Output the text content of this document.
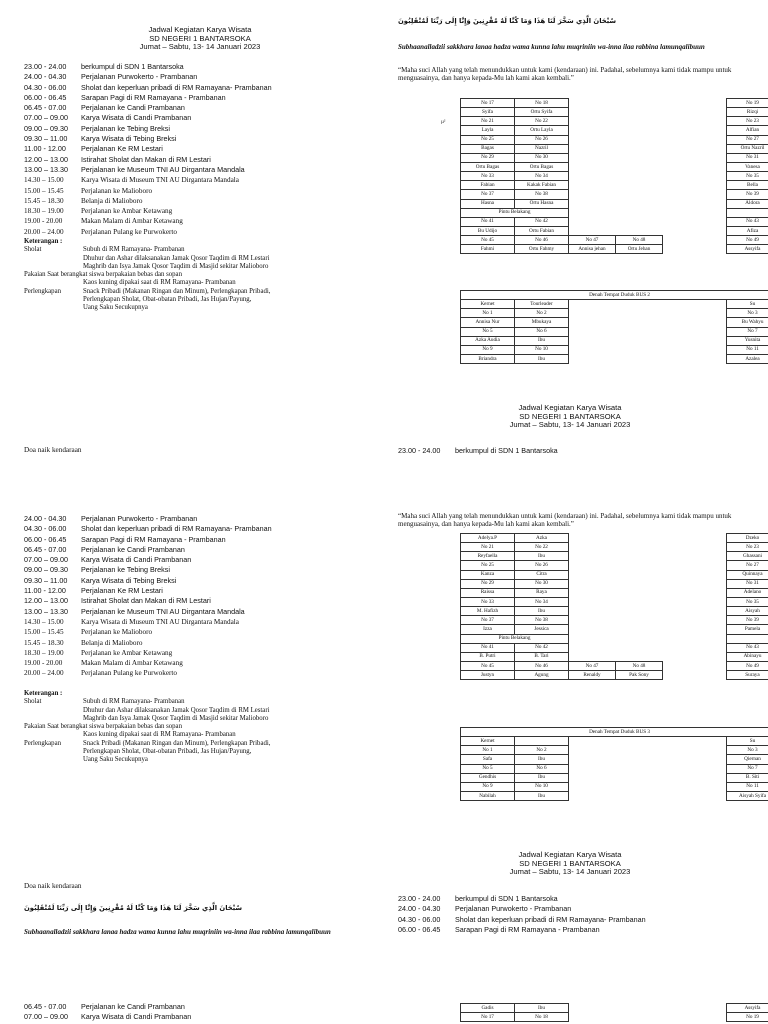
Jadwal Kegiatan Karya Wisata
SD NEGERI 1 BANTARSOKA
Jumat – Sabtu, 13- 14 Januari 2023
23.00 - 24.00	berkumpul di SDN 1 Bantarsoka
24.00 - 04.30	Perjalanan Purwokerto - Prambanan
04.30 - 06.00	Sholat dan keperluan pribadi di RM Ramayana- Prambanan
06.00 - 06.45	Sarapan Pagi di RM Ramayana - Prambanan
06.45 - 07.00	Perjalanan ke Candi Prambanan
07.00 – 09.00	Karya Wisata di Candi Prambanan
09.00 – 09.30	Perjalanan ke Tebing Breksi
09.30 – 11.00	Karya Wisata di Tebing Breksi
11.00 - 12.00	Perjalanan Ke RM Lestari
12.00 – 13.00	Istirahat Sholat dan Makan di RM Lestari
13.00 – 13.30	Perjalanan ke Museum TNI AU Dirgantara Mandala
14.30 – 15.00	Karya Wisata di Museum TNI AU Dirgantara Mandala
15.00 – 15.45	Perjalanan ke Malioboro
15.45 – 18.30	Belanja di Malioboro
18.30 – 19.00	Perjalanan ke Ambar Ketawang
19.00 - 20.00	Makan Malam di Ambar Ketawang
20.00 – 24.00	Perjalanan Pulang ke Purwokerto
Keterangan :
Sholat	Subuh di RM Ramayana- Prambanan
Dhuhur dan Ashar dilaksanakan Jamak Qosor Taqdim di RM Lestari
Maghrib dan Isya Jamak Qosor Taqdim di Masjid sekitar Malioboro
Pakaian Saat berangkat siswa berpakaian bebas dan sopan
Kaos kuning dipakai saat di RM Ramayana- Prambanan
Perlengkapan	Snack Pribadi (Makanan Ringan dan Minum), Perlengkapan Pribadi,
Perlengkapan Sholat, Obat-obatan Pribadi, Jas Hujan/Payung,
Uang Saku Secukupnya
Doa naik kendaraan
سُبْحَانَ الَّذِي سَخَّرَ لَنَا هَذَا وَمَا كُنَّا لَهُ مُقْرِنِينَ وَإِنَّا إِلَى رَبِّنَا لَمُنْقَلِبُونَ
Subhaanalladzii sakkhara lanaa hadza wama kunna lahu muqriniin wa-inna ilaa rabbina lamunqalibuun
“Maha suci Allah yang telah menundukkan untuk kami (kendaraan) ini. Padahal, sebelumnya kami tidak mampu untuk menguasainya, dan hanya kepada-Mu lah kami akan kembali.”
µ²
No 17	No 18				No 19
Syifa	Ortu Syifa				Rizqi
No 21	No 22				No 23
Layla	Ortu Layla				Alfian
No 25	No 26				No 27
Bagas	Nazril				Ortu Nazril
No 29	No 30				No 31
Ortu Bagas	Ortu Bagas				Vanesa
No 33	No 34				No 35
Fabian	Kakak Fabian				Bella
No 37	No 38				No 39
Hasna	Ortu Hasna				Aldora
Pintu Belakang					
No 41	No 42				No 43
Bu Udijo	Ortu Fabian				Afiza
No 45	No 46	No 47	No 48		No 49
Fahmi	Ortu Fahmy	Annisa jehan	Ortu Jehan		Assyifa
Denah Tempat Duduk BUS 2					
Kernet	Tourleader				Su
No 1	No 2				No 3
Annisa Nur	Mbukaya				Bu Wahyu
No 5	No 6				No 7
Azka Audia	Ibu				Yusnita
No 9	No 10				No 11
Briandra	Ibu				Azalea
Jadwal Kegiatan Karya Wisata
SD NEGERI 1 BANTARSOKA
Jumat – Sabtu, 13- 14 Januari 2023
23.00 - 24.00	berkumpul di SDN 1 Bantarsoka
24.00 - 04.30	Perjalanan Purwokerto - Prambanan
04.30 - 06.00	Sholat dan keperluan pribadi di RM Ramayana- Prambanan
06.00 - 06.45	Sarapan Pagi di RM Ramayana - Prambanan
06.45 - 07.00	Perjalanan ke Candi Prambanan
07.00 – 09.00	Karya Wisata di Candi Prambanan
09.00 – 09.30	Perjalanan ke Tebing Breksi
09.30 – 11.00	Karya Wisata di Tebing Breksi
11.00 - 12.00	Perjalanan Ke RM Lestari
12.00 – 13.00	Istirahat Sholat dan Makan di RM Lestari
13.00 – 13.30	Perjalanan ke Museum TNI AU Dirgantara Mandala
14.30 – 15.00	Karya Wisata di Museum TNI AU Dirgantara Mandala
15.00 – 15.45	Perjalanan ke Malioboro
15.45 – 18.30	Belanja di Malioboro
18.30 – 19.00	Perjalanan ke Ambar Ketawang
19.00 - 20.00	Makan Malam di Ambar Ketawang
20.00 – 24.00	Perjalanan Pulang ke Purwokerto
Keterangan :
Sholat	Subuh di RM Ramayana- Prambanan
Dhuhur dan Ashar dilaksanakan Jamak Qosor Taqdim di RM Lestari
Maghrib dan Isya Jamak Qosor Taqdim di Masjid sekitar Malioboro
Pakaian Saat berangkat siswa berpakaian bebas dan sopan
Kaos kuning dipakai saat di RM Ramayana- Prambanan
Perlengkapan	Snack Pribadi (Makanan Ringan dan Minum), Perlengkapan Pribadi,
Perlengkapan Sholat, Obat-obatan Pribadi, Jas Hujan/Payung,
Uang Saku Secukupnya
Doa naik kendaraan
سُبْحَانَ الَّذِي سَخَّرَ لَنَا هَذَا وَمَا كُنَّا لَهُ مُقْرِنِينَ وَإِنَّا إِلَى رَبِّنَا لَمُنْقَلِبُونَ
Subhaanalladzii sakkhara lanaa hadza wama kunna lahu muqriniin wa-inna ilaa rabbina lamunqalibuun
06.45 - 07.00	Perjalanan ke Candi Prambanan
07.00 – 09.00	Karya Wisata di Candi Prambanan
“Maha suci Allah yang telah menundukkan untuk kami (kendaraan) ini. Padahal, sebelumnya kami tidak mampu untuk menguasainya, dan hanya kepada-Mu lah kami akan kembali.”
Adelya.P	Azka				Dzeko
No 21	No 22				No 23
Reyfaella	Ibu				Ghassani
No 25	No 26				No 27
Kanza	Citra				Quinnaya
No 29	No 30				No 31
Raissa	Raya				Adelano
No 33	No 34				No 35
M. Hafizh	Ibu				Aisyah
No 37	No 38				No 39
Izza	Jessica				Pamela
Pintu Belakang					
No 41	No 42				No 43
B. Putri	B. Tari				Abinayu
No 45	No 46	No 47	No 48		No 49
Justyn	Agung	Renaldy	Pak Sony		Suraya
Denah Tempat Duduk BUS 3					
Kernet					Su
No 1	No 2				No 3
Safa	Ibu				Qiernan
No 5	No 6				No 7
Gendhis	Ibu				B. Siti
No 9	No 10				No 11
Nabilah	Ibu				Aisyah Syifa
Jadwal Kegiatan Karya Wisata
SD NEGERI 1 BANTARSOKA
Jumat – Sabtu, 13- 14 Januari 2023
23.00 - 24.00	berkumpul di SDN 1 Bantarsoka
24.00 - 04.30	Perjalanan Purwokerto - Prambanan
04.30 - 06.00	Sholat dan keperluan pribadi di RM Ramayana- Prambanan
06.00 - 06.45	Sarapan Pagi di RM Ramayana - Prambanan
Gadis	Ibu				Assyifa
No 17	No 18				No 19
